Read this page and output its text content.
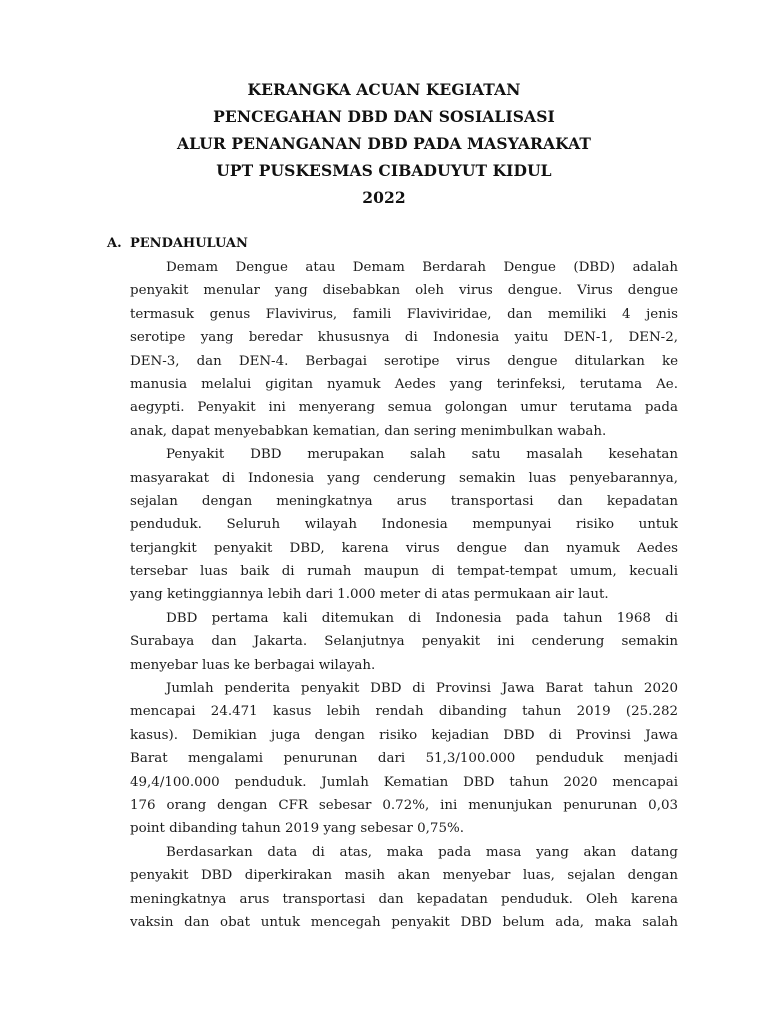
KERANGKA ACUAN KEGIATAN
PENCEGAHAN DBD DAN SOSIALISASI
ALUR PENANGANAN DBD PADA MASYARAKAT
UPT PUSKESMAS CIBADUYUT KIDUL
2022
A. PENDAHULUAN
Demam Dengue atau Demam Berdarah Dengue (DBD) adalah
penyakit menular yang disebabkan oleh virus dengue. Virus dengue
termasuk genus Flavivirus, famili Flaviviridae, dan memiliki 4 jenis
serotipe yang beredar khususnya di Indonesia yaitu DEN-1, DEN-2,
DEN-3, dan DEN-4. Berbagai serotipe virus dengue ditularkan ke
manusia melalui gigitan nyamuk Aedes yang terinfeksi, terutama Ae.
aegypti. Penyakit ini menyerang semua golongan umur terutama pada
anak, dapat menyebabkan kematian, dan sering menimbulkan wabah.
Penyakit DBD merupakan salah satu masalah kesehatan
masyarakat di Indonesia yang cenderung semakin luas penyebarannya,
sejalan dengan meningkatnya arus transportasi dan kepadatan
penduduk. Seluruh wilayah Indonesia mempunyai risiko untuk
terjangkit penyakit DBD, karena virus dengue dan nyamuk Aedes
tersebar luas baik di rumah maupun di tempat-tempat umum, kecuali
yang ketinggiannya lebih dari 1.000 meter di atas permukaan air laut.
DBD pertama kali ditemukan di Indonesia pada tahun 1968 di
Surabaya dan Jakarta. Selanjutnya penyakit ini cenderung semakin
menyebar luas ke berbagai wilayah.
Jumlah penderita penyakit DBD di Provinsi Jawa Barat tahun 2020
mencapai 24.471 kasus lebih rendah dibanding tahun 2019 (25.282
kasus). Demikian juga dengan risiko kejadian DBD di Provinsi Jawa
Barat mengalami penurunan dari 51,3/100.000 penduduk menjadi
49,4/100.000 penduduk. Jumlah Kematian DBD tahun 2020 mencapai
176 orang dengan CFR sebesar 0.72%, ini menunjukan penurunan 0,03
point dibanding tahun 2019 yang sebesar 0,75%.
Berdasarkan data di atas, maka pada masa yang akan datang
penyakit DBD diperkirakan masih akan menyebar luas, sejalan dengan
meningkatnya arus transportasi dan kepadatan penduduk. Oleh karena
vaksin dan obat untuk mencegah penyakit DBD belum ada, maka salah
